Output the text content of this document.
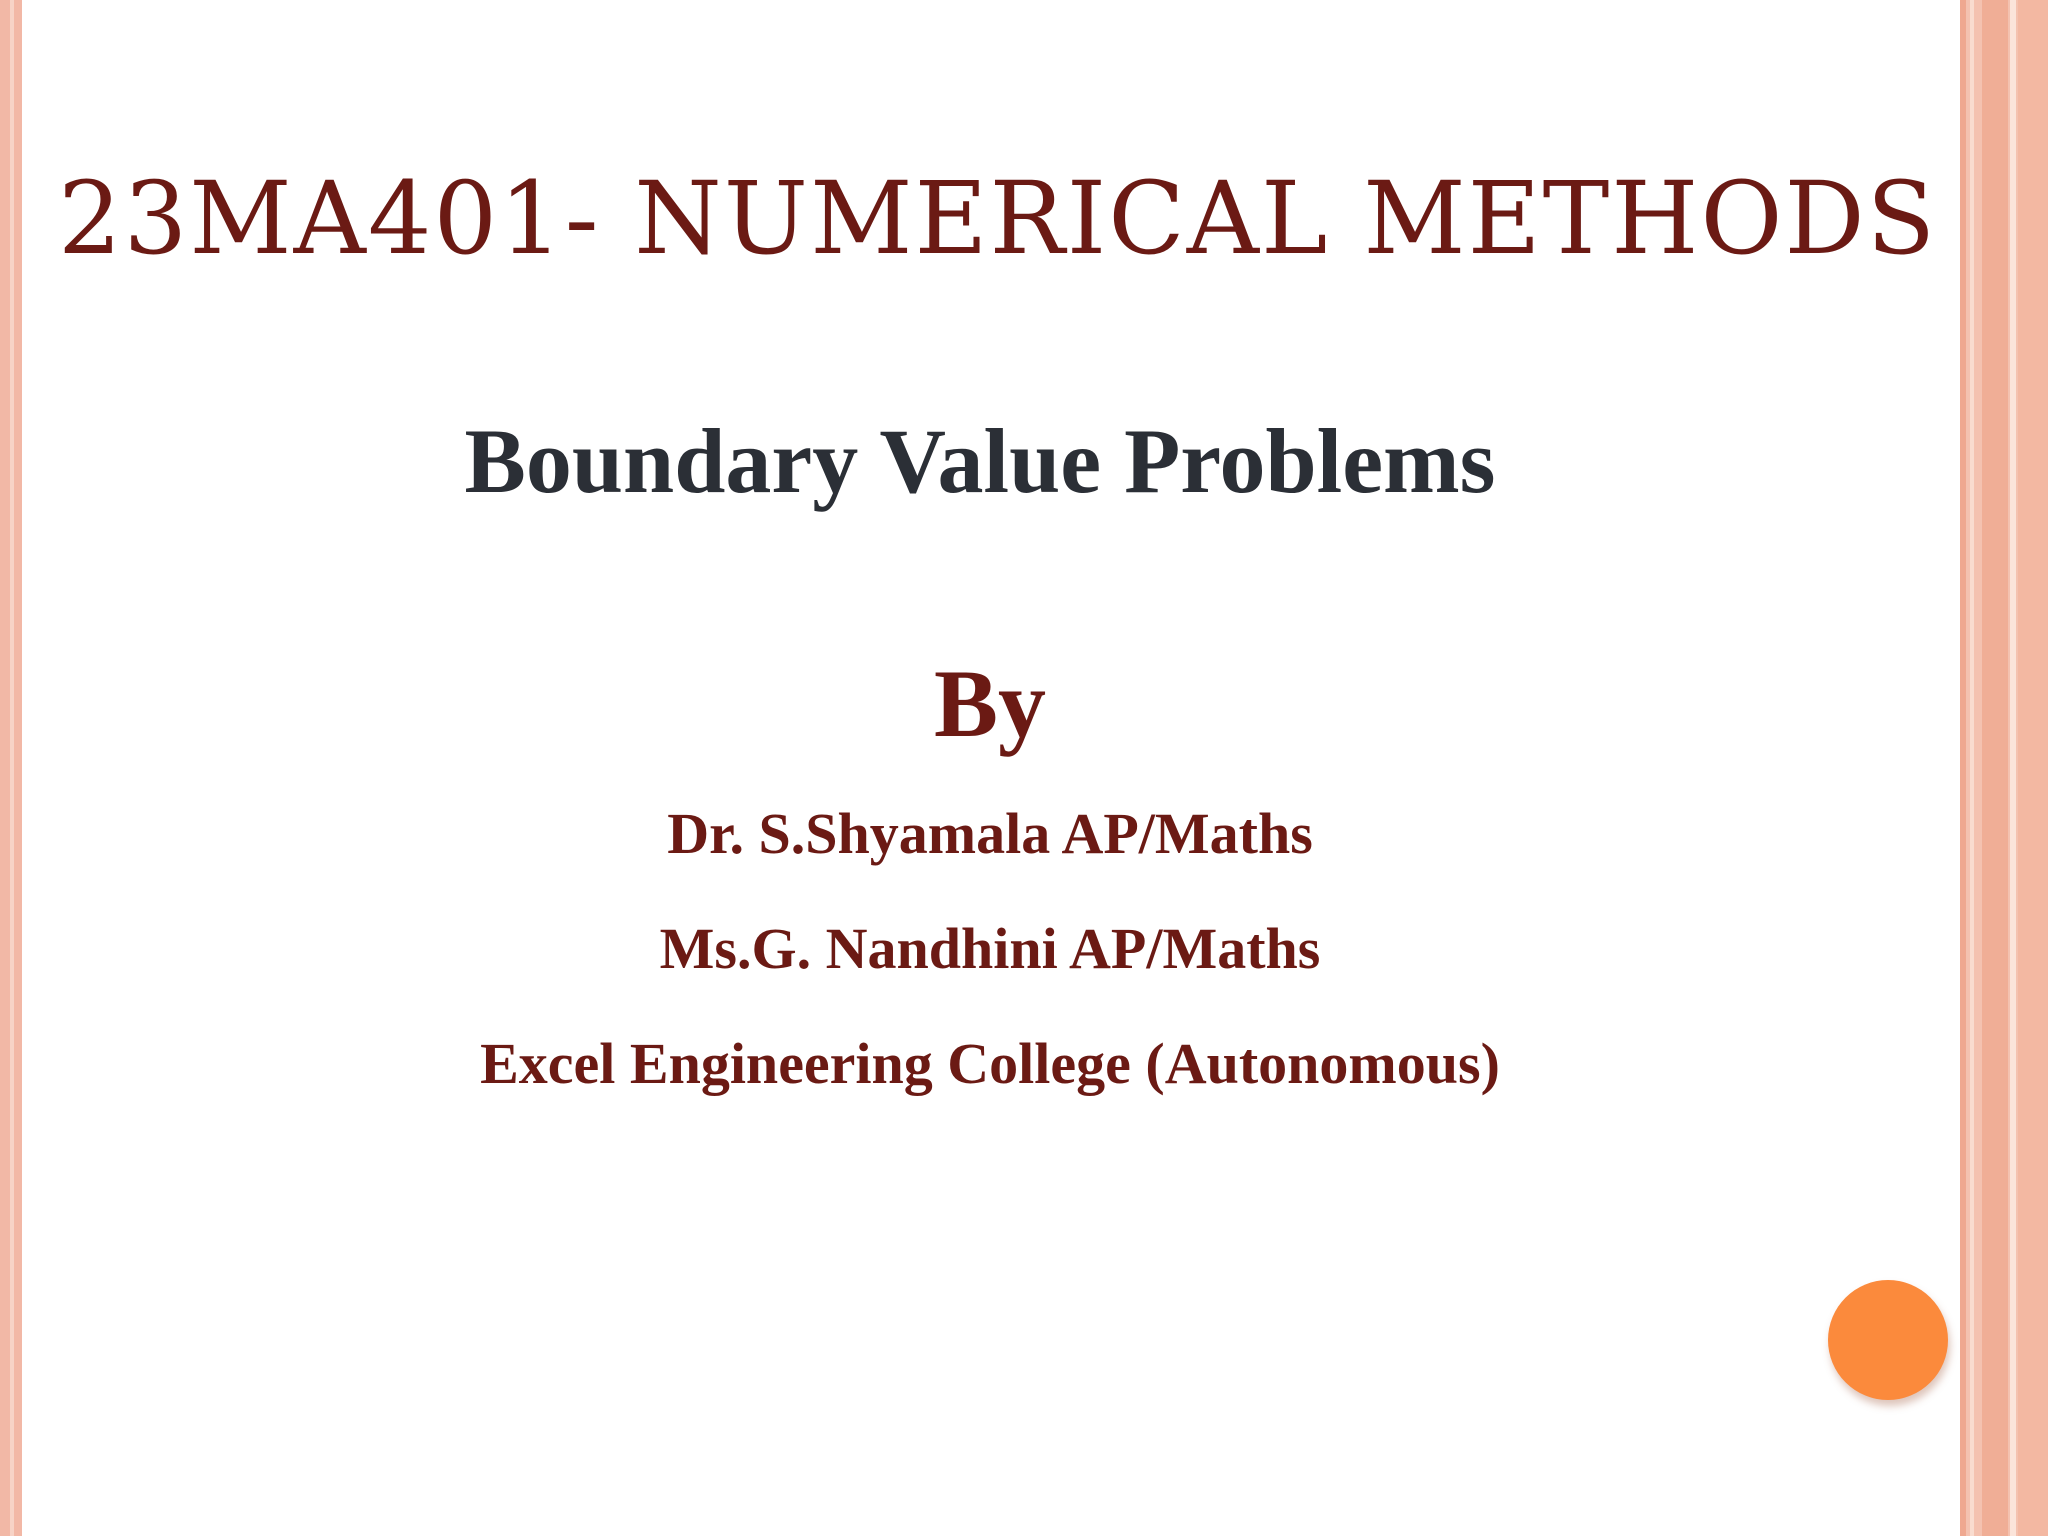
23MA401- NUMERICAL METHODS
Boundary Value Problems
By
Dr. S.Shyamala AP/Maths
Ms.G. Nandhini AP/Maths
Excel Engineering College (Autonomous)
